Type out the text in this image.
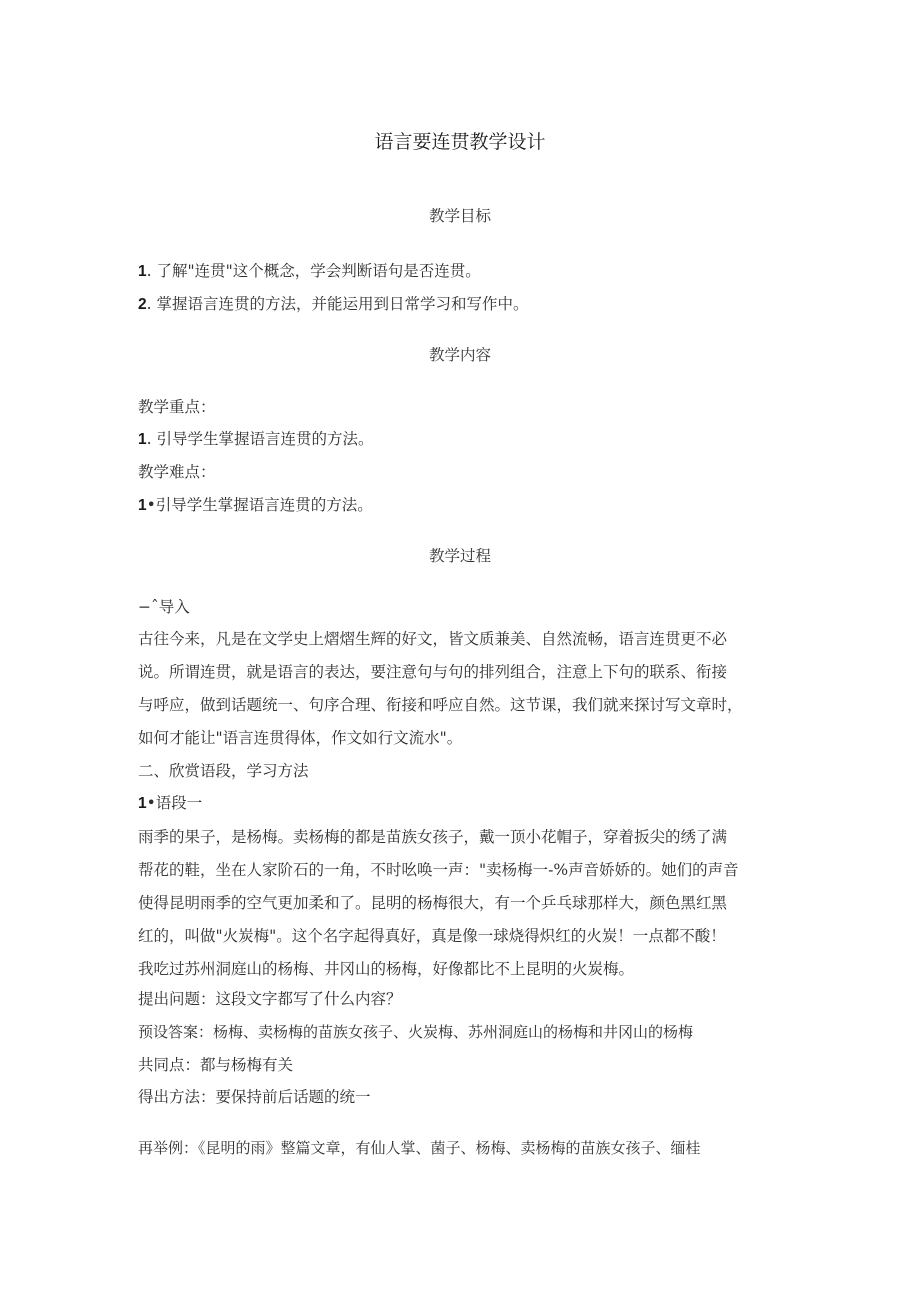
语言要连贯教学设计
教学目标
1. 了解"连贯"这个概念，学会判断语句是否连贯。
2. 掌握语言连贯的方法，并能运用到日常学习和写作中。
教学内容
教学重点：
1. 引导学生掌握语言连贯的方法。
教学难点：
1•引导学生掌握语言连贯的方法。
教学过程
−ˆ导入
古往今来，凡是在文学史上熠熠生辉的好文，皆文质兼美、自然流畅，语言连贯更不必
说。所谓连贯，就是语言的表达，要注意句与句的排列组合，注意上下句的联系、衔接
与呼应，做到话题统一、句序合理、衔接和呼应自然。这节课，我们就来探讨写文章时，
如何才能让"语言连贯得体，作文如行文流水"。
二、欣赏语段，学习方法
1•语段一
雨季的果子，是杨梅。卖杨梅的都是苗族女孩子，戴一顶小花帽子，穿着扳尖的绣了满
帮花的鞋，坐在人家阶石的一角，不时吆唤一声："卖杨梅一-%声音娇娇的。她们的声音
使得昆明雨季的空气更加柔和了。昆明的杨梅很大，有一个乒乓球那样大，颜色黑红黑
红的，叫做"火炭梅"。这个名字起得真好，真是像一球烧得炽红的火炭！一点都不酸！
我吃过苏州洞庭山的杨梅、井冈山的杨梅，好像都比不上昆明的火炭梅。
提出问题：这段文字都写了什么内容？
预设答案：杨梅、卖杨梅的苗族女孩子、火炭梅、苏州洞庭山的杨梅和井冈山的杨梅
共同点：都与杨梅有关
得出方法：要保持前后话题的统一
再举例：《昆明的雨》整篇文章，有仙人掌、菌子、杨梅、卖杨梅的苗族女孩子、缅桂
